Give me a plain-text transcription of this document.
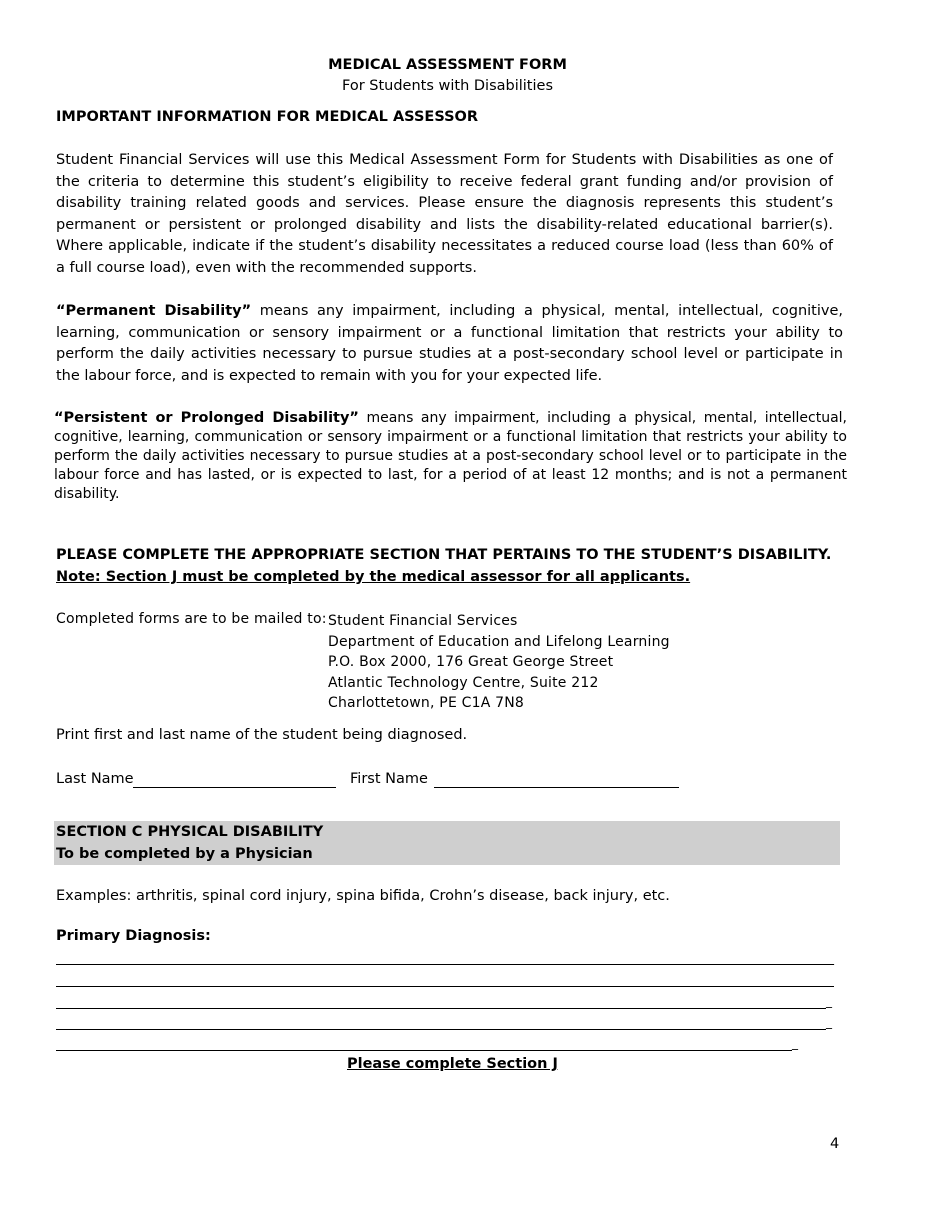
MEDICAL ASSESSMENT FORM
For Students with Disabilities
IMPORTANT INFORMATION FOR MEDICAL ASSESSOR
Student Financial Services will use this Medical Assessment Form for Students with Disabilities as one of the criteria to determine this student’s eligibility to receive federal grant funding and/or provision of disability training related goods and services. Please ensure the diagnosis represents this student’s permanent or persistent or prolonged disability and lists the disability-related educational barrier(s). Where applicable, indicate if the student’s disability necessitates a reduced course load (less than 60% of a full course load), even with the recommended supports.
“Permanent Disability” means any impairment, including a physical, mental, intellectual, cognitive, learning, communication or sensory impairment or a functional limitation that restricts your ability to perform the daily activities necessary to pursue studies at a post-secondary school level or participate in the labour force, and is expected to remain with you for your expected life.
“Persistent or Prolonged Disability” means any impairment, including a physical, mental, intellectual, cognitive, learning, communication or sensory impairment or a functional limitation that restricts your ability to perform the daily activities necessary to pursue studies at a post-secondary school level or to participate in the labour force and has lasted, or is expected to last, for a period of at least 12 months; and is not a permanent disability.
PLEASE COMPLETE THE APPROPRIATE SECTION THAT PERTAINS TO THE STUDENT’S DISABILITY.
Note: Section J must be completed by the medical assessor for all applicants.
Completed forms are to be mailed to: Student Financial Services
Department of Education and Lifelong Learning
P.O. Box 2000, 176 Great George Street
Atlantic Technology Centre, Suite 212
Charlottetown, PE C1A 7N8
Print first and last name of the student being diagnosed.
Last Name	First Name
SECTION C PHYSICAL DISABILITY
To be completed by a Physician
Examples: arthritis, spinal cord injury, spina bifida, Crohn’s disease, back injury, etc.
Primary Diagnosis:
_
_
_
_
Please complete Section J
4
